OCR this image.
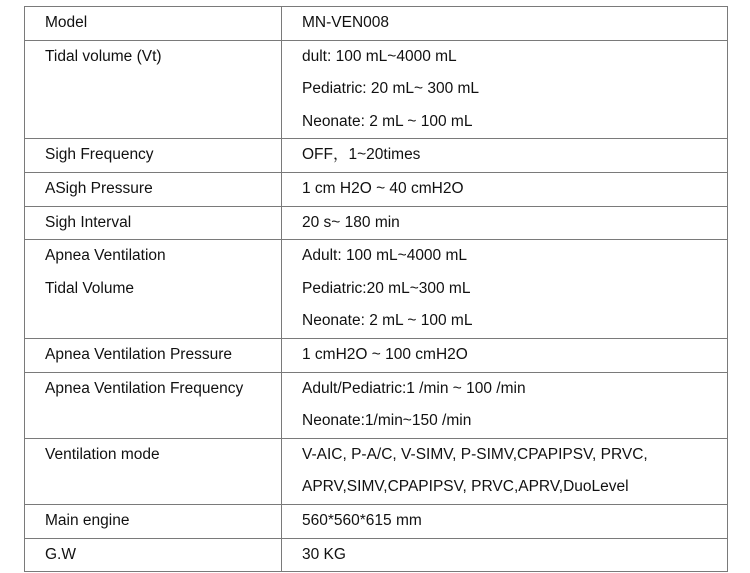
Model	MN-VEN008

Tidal volume (Vt)	dult: 100 mL~4000 mL
Pediatric: 20 mL~ 300 mL
Neonate: 2 mL ~ 100 mL

Sigh Frequency	OFF，1~20times

ASigh Pressure	1 cm H2O ~ 40 cmH2O

Sigh Interval	20 s~ 180 min

Apnea Ventilation
Tidal Volume	Adult: 100 mL~4000 mL
Pediatric:20 mL~300 mL
Neonate: 2 mL ~ 100 mL

Apnea Ventilation Pressure	1 cmH2O ~ 100 cmH2O

Apnea Ventilation Frequency	Adult/Pediatric:1 /min ~ 100 /min
Neonate:1/min~150 /min

Ventilation mode	V-AIC, P-A/C, V-SIMV, P-SIMV,CPAPIPSV, PRVC,
APRV,SIMV,CPAPIPSV, PRVC,APRV,DuoLevel

Main engine	560*560*615 mm

G.W	30 KG
